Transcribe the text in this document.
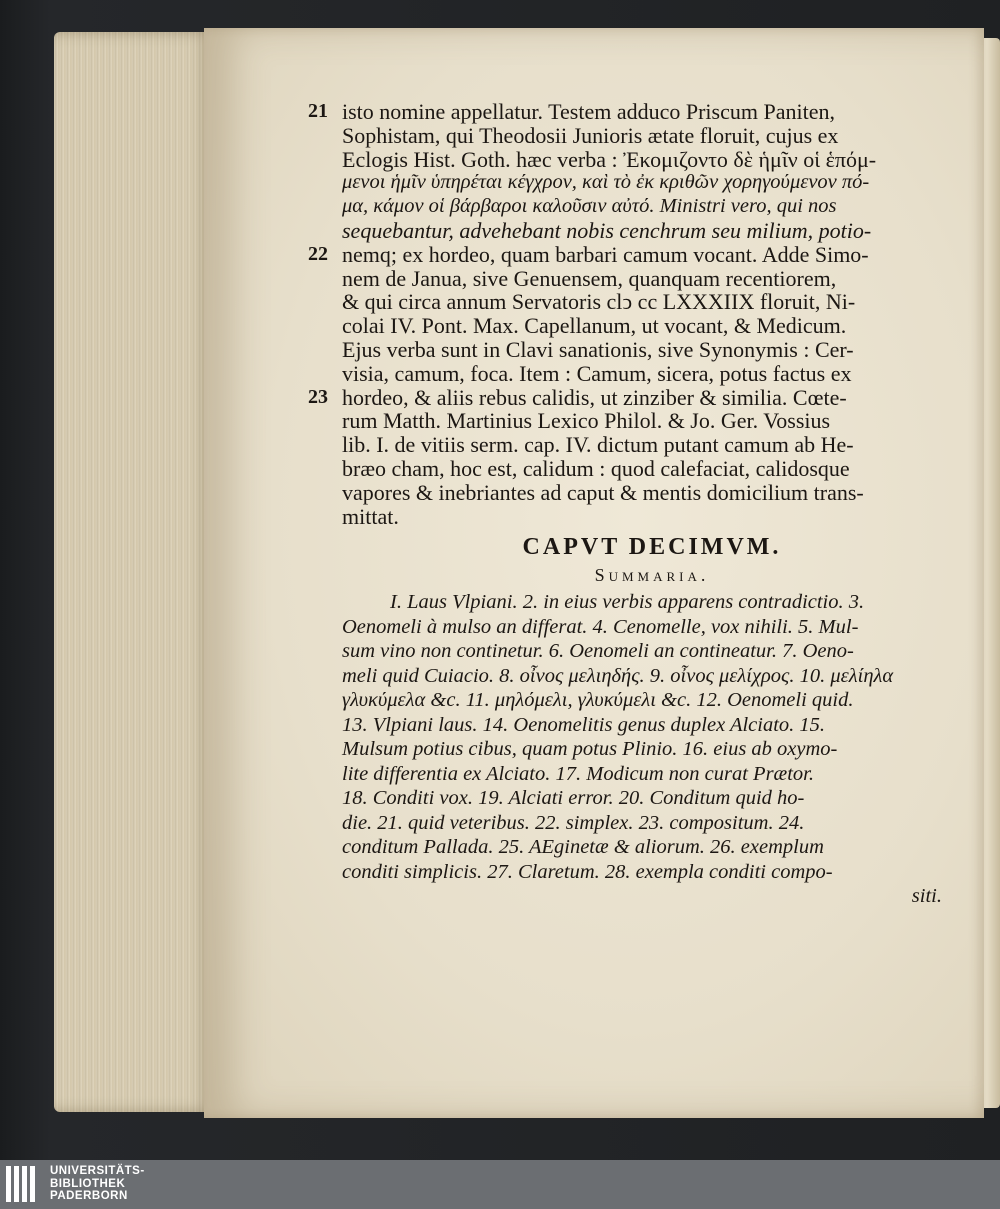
21 isto nomine appellatur. Testem adduco Priscum Paniten,
Sophistam, qui Theodosii Junioris ætate floruit, cujus ex
Eclogis Hist. Goth. hæc verba : Ἐκομιζοντο δὲ ἡμῖν οἱ ἑπόμ-
μενοι ἡμῖν ὑπηρέται κέγχρον, καὶ τὸ ἐκ κριθῶν χορηγούμενον πό-
μα, κάμον οἱ βάρβαροι καλοῦσιν αὐτό. Ministri vero, qui nos
sequebantur, advehebant nobis cenchrum seu milium, potio-
22 nemq; ex hordeo, quam barbari camum vocant. Adde Simo-
nem de Janua, sive Genuensem, quanquam recentiorem,
& qui circa annum Servatoris clↄ cc LXXXIIX floruit, Ni-
colai IV. Pont. Max. Capellanum, ut vocant, & Medicum.
Ejus verba sunt in Clavi sanationis, sive Synonymis : Cer-
visia, camum, foca. Item : Camum, sicera, potus factus ex
23 hordeo, & aliis rebus calidis, ut zinziber & similia. Cœte-
rum Matth. Martinius Lexico Philol. & Jo. Ger. Vossius
lib. I. de vitiis serm. cap. IV. dictum putant camum ab He-
bræo cham, hoc est, calidum : quod calefaciat, calidosque
vapores & inebriantes ad caput & mentis domicilium trans-
mittat.
CAPVT DECIMVM.
Summaria.
I. Laus Vlpiani. 2. in eius verbis apparens contradictio. 3.
Oenomeli à mulso an differat. 4. Cenomelle, vox nihili. 5. Mul-
sum vino non continetur. 6. Oenomeli an contineatur. 7. Oeno-
meli quid Cuiacio. 8. οἶνος μελιηδής. 9. οἶνος μελίχρος. 10. μελίηλα
γλυκύμελα &c. 11. μηλόμελι, γλυκύμελι &c. 12. Oenomeli quid.
13. Vlpiani laus. 14. Oenomelitis genus duplex Alciato. 15.
Mulsum potius cibus, quam potus Plinio. 16. eius ab oxymo-
lite differentia ex Alciato. 17. Modicum non curat Prætor.
18. Conditi vox. 19. Alciati error. 20. Conditum quid ho-
die. 21. quid veteribus. 22. simplex. 23. compositum. 24.
conditum Pallada. 25. AEginetæ & aliorum. 26. exemplum
conditi simplicis. 27. Claretum. 28. exempla conditi compo-
siti.
UNIVERSITÄTS-
BIBLIOTHEK
PADERBORN
